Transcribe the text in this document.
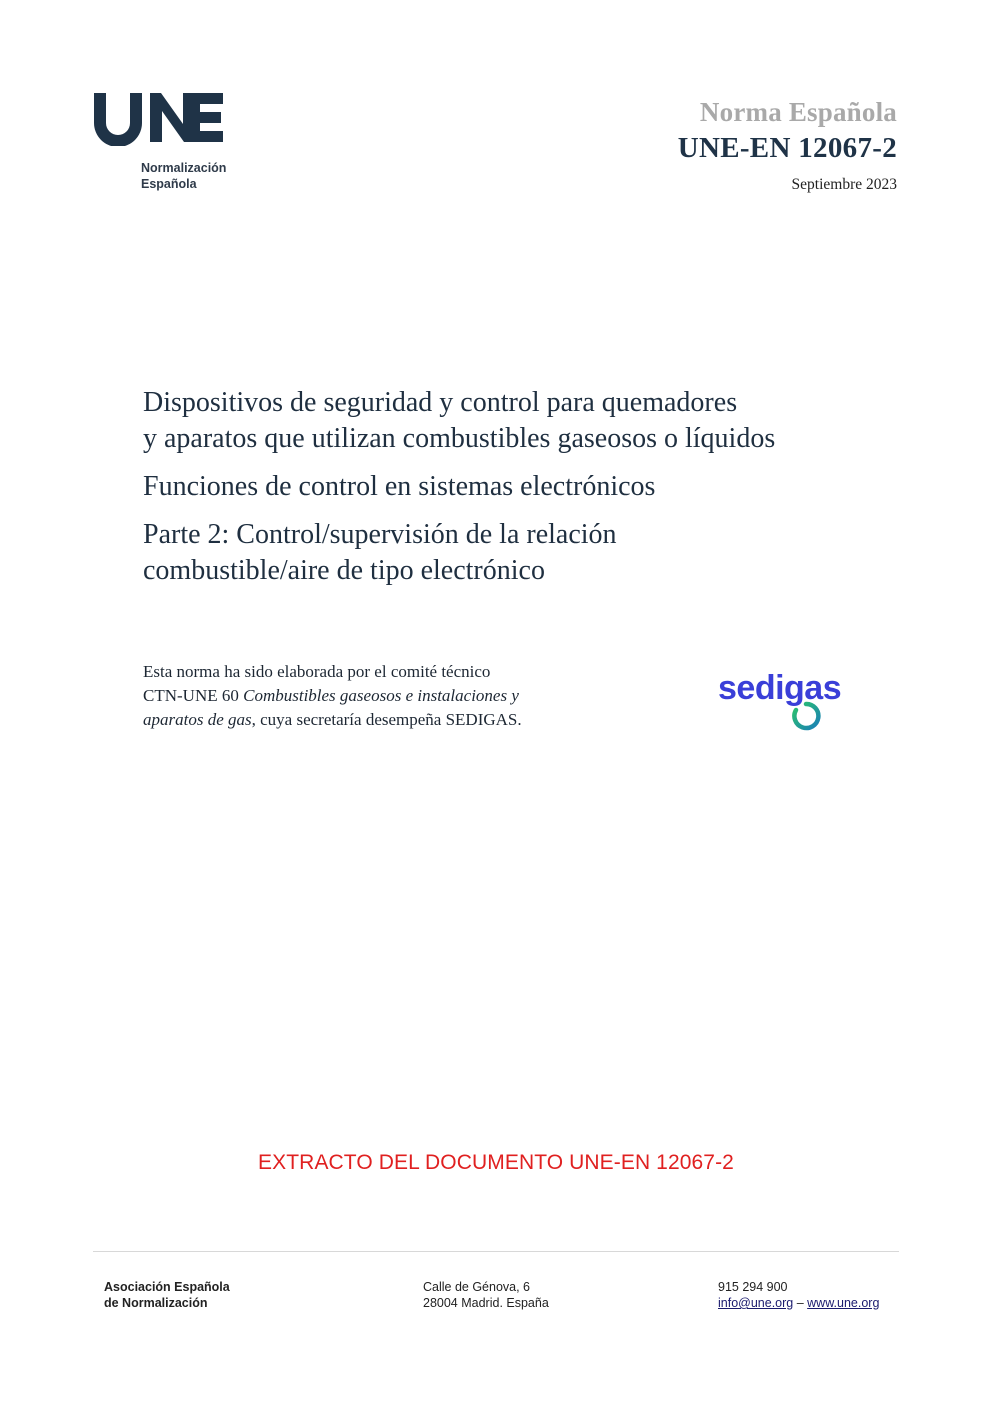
Normalización
Española
Norma Española
UNE-EN 12067-2
Septiembre 2023

Dispositivos de seguridad y control para quemadores
y aparatos que utilizan combustibles gaseosos o líquidos

Funciones de control en sistemas electrónicos

Parte 2: Control/supervisión de la relación
combustible/aire de tipo electrónico

Esta norma ha sido elaborada por el comité técnico
CTN-UNE 60 Combustibles gaseosos e instalaciones y
aparatos de gas, cuya secretaría desempeña SEDIGAS.
sedigas
EXTRACTO DEL DOCUMENTO UNE-EN 12067-2
Asociación Española
de Normalización
Calle de Génova, 6
28004 Madrid. España
915 294 900
info@une.org – www.une.org
